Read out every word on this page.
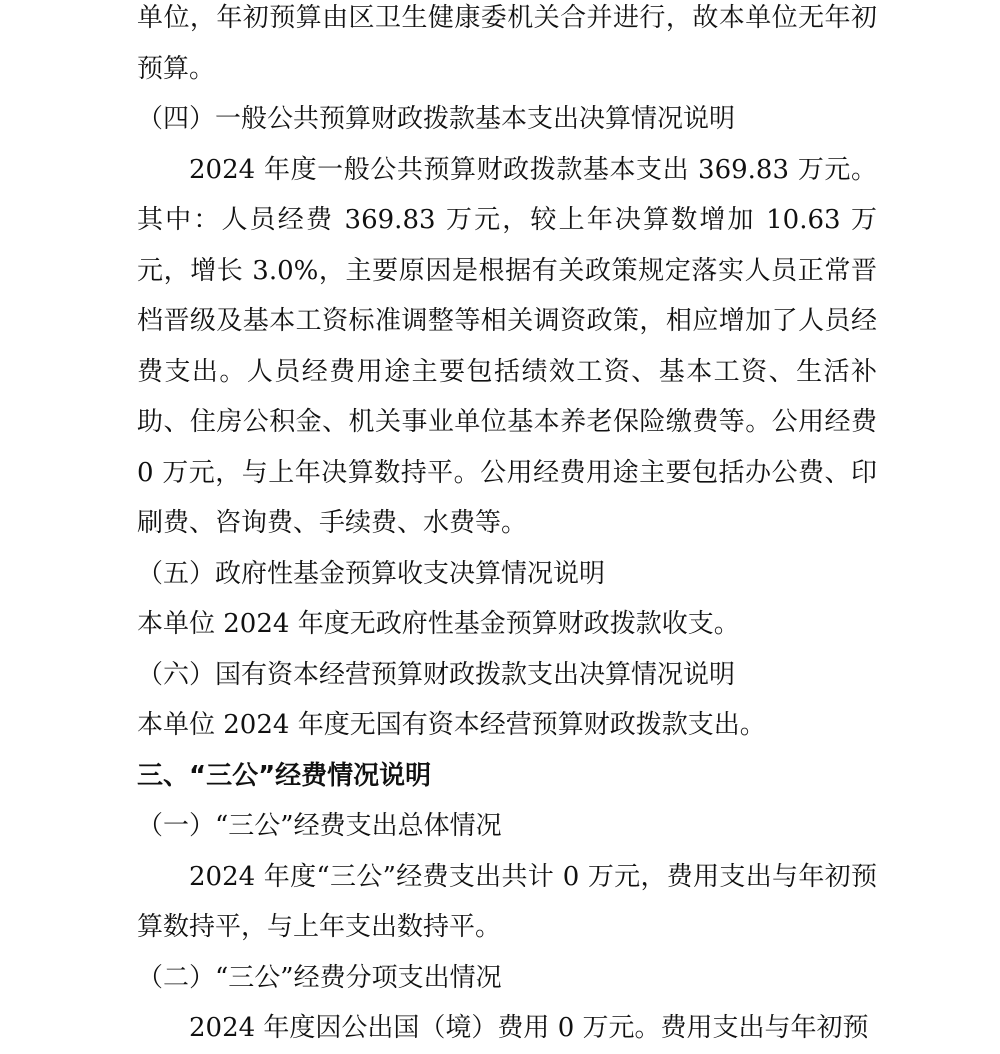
单位，年初预算由区卫生健康委机关合并进行，故本单位无年初预算。

（四）一般公共预算财政拨款基本支出决算情况说明

2024 年度一般公共预算财政拨款基本支出 369.83 万元。其中：人员经费 369.83 万元，较上年决算数增加 10.63 万元，增长 3.0%，主要原因是根据有关政策规定落实人员正常晋档晋级及基本工资标准调整等相关调资政策，相应增加了人员经费支出。人员经费用途主要包括绩效工资、基本工资、生活补助、住房公积金、机关事业单位基本养老保险缴费等。公用经费 0 万元，与上年决算数持平。公用经费用途主要包括办公费、印刷费、咨询费、手续费、水费等。

（五）政府性基金预算收支决算情况说明

本单位 2024 年度无政府性基金预算财政拨款收支。

（六）国有资本经营预算财政拨款支出决算情况说明

本单位 2024 年度无国有资本经营预算财政拨款支出。

三、“三公”经费情况说明

（一）“三公”经费支出总体情况

2024 年度“三公”经费支出共计 0 万元，费用支出与年初预算数持平，与上年支出数持平。

（二）“三公”经费分项支出情况

2024 年度因公出国（境）费用 0 万元。费用支出与年初预
